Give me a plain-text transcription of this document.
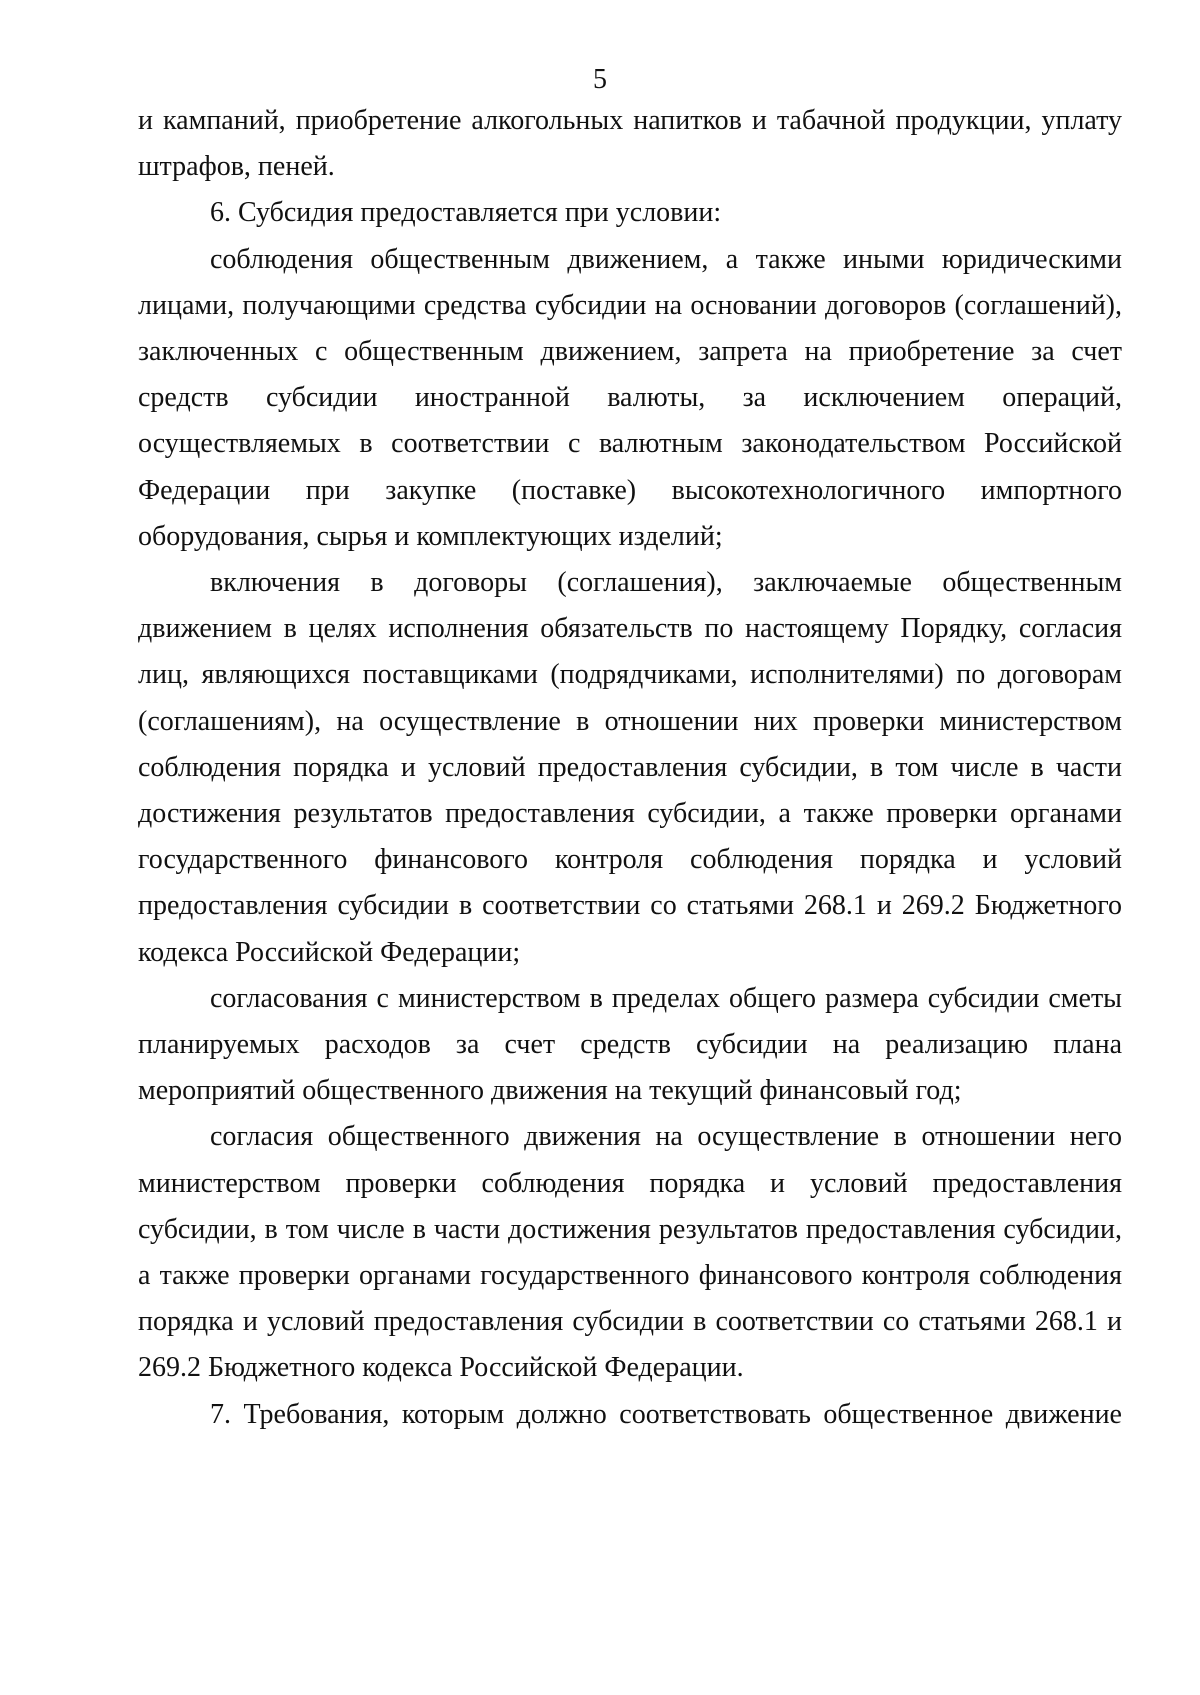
5

и кампаний, приобретение алкогольных напитков и табачной продукции, уплату штрафов, пеней.

6. Субсидия предоставляется при условии:

соблюдения общественным движением, а также иными юридическими лицами, получающими средства субсидии на основании договоров (соглашений), заключенных с общественным движением, запрета на приобретение за счет средств субсидии иностранной валюты, за исключением операций, осуществляемых в соответствии с валютным законодательством Российской Федерации при закупке (поставке) высокотехнологичного импортного оборудования, сырья и комплектующих изделий;

включения в договоры (соглашения), заключаемые общественным движением в целях исполнения обязательств по настоящему Порядку, согласия лиц, являющихся поставщиками (подрядчиками, исполнителями) по договорам (соглашениям), на осуществление в отношении них проверки министерством соблюдения порядка и условий предоставления субсидии, в том числе в части достижения результатов предоставления субсидии, а также проверки органами государственного финансового контроля соблюдения порядка и условий предоставления субсидии в соответствии со статьями 268.1 и 269.2 Бюджетного кодекса Российской Федерации;

согласования с министерством в пределах общего размера субсидии сметы планируемых расходов за счет средств субсидии на реализацию плана мероприятий общественного движения на текущий финансовый год;

согласия общественного движения на осуществление в отношении него министерством проверки соблюдения порядка и условий предоставления субсидии, в том числе в части достижения результатов предоставления субсидии, а также проверки органами государственного финансового контроля соблюдения порядка и условий предоставления субсидии в соответствии со статьями 268.1 и 269.2 Бюджетного кодекса Российской Федерации.

7. Требования, которым должно соответствовать общественное движение
